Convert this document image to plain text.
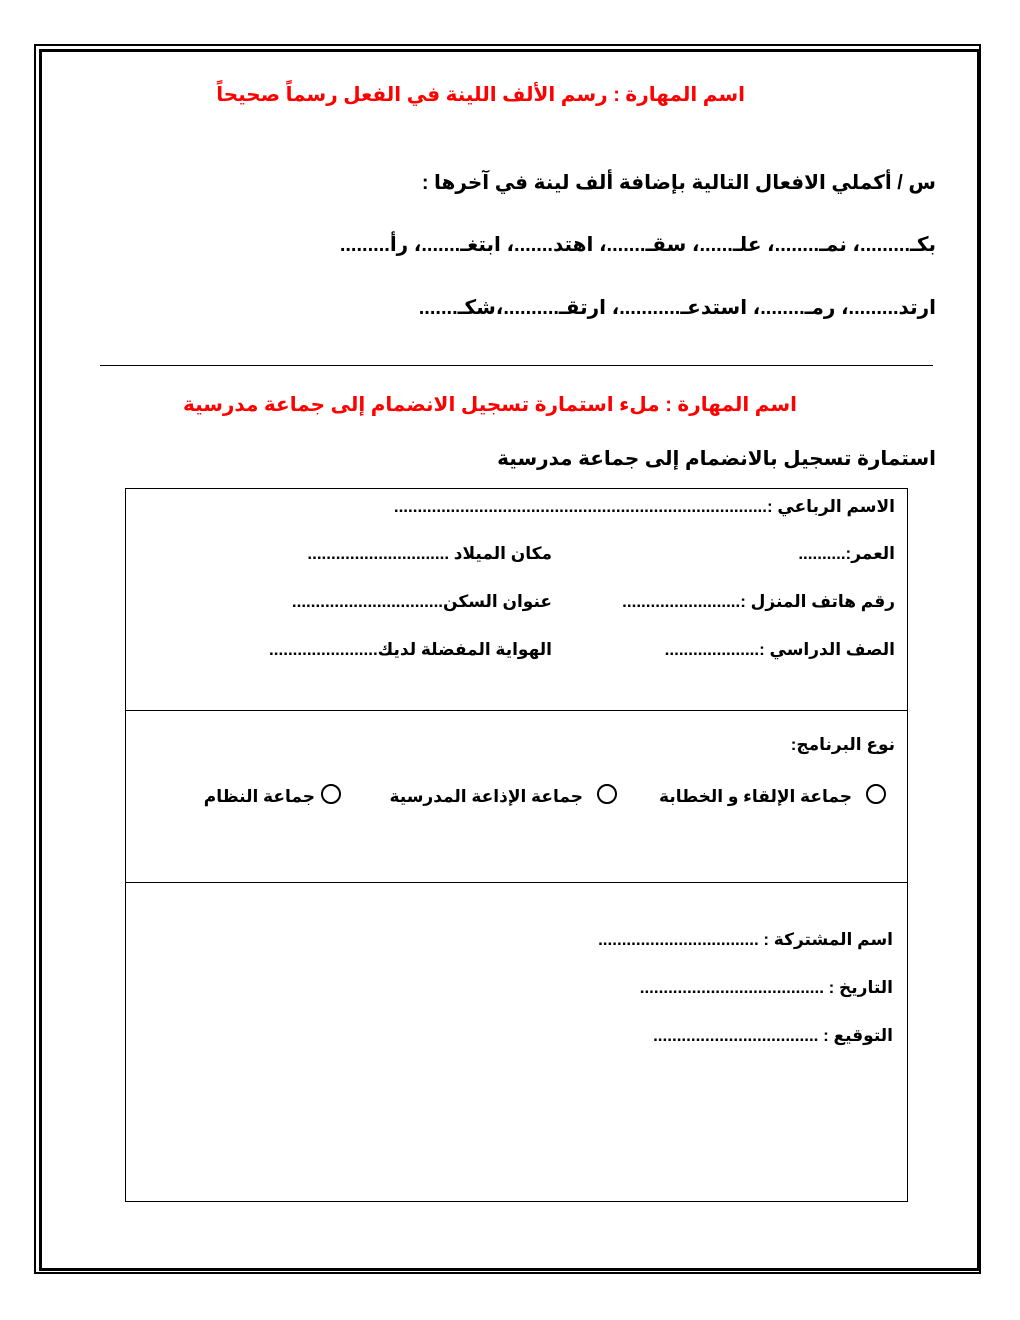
اسم المهارة : رسم الألف اللينة في الفعل رسماً صحيحاً
س / أكملي الافعال التالية بإضافة ألف لينة في آخرها :
بكـ.........، نمـ........، علـ......، سقـ.......، اهتد.......، ابتغـ.......، رأ.........
ارتد.........، رمـ........، استدعـ...........، ارتقـ..........،شكـ.......
اسم المهارة : ملء استمارة تسجيل الانضمام إلى جماعة مدرسية
استمارة تسجيل بالانضمام إلى جماعة مدرسية
الاسم الرباعي :...............................................................................
العمر:..........
مكان الميلاد ..............................
رقم هاتف المنزل :.........................
عنوان السكن................................
الصف الدراسي :....................
الهواية المفضلة لديك.......................
نوع البرنامج:
جماعة الإلقاء و الخطابة
جماعة الإذاعة المدرسية
جماعة النظام
اسم المشتركة : ..................................
التاريخ : .......................................
التوقيع : ...................................
